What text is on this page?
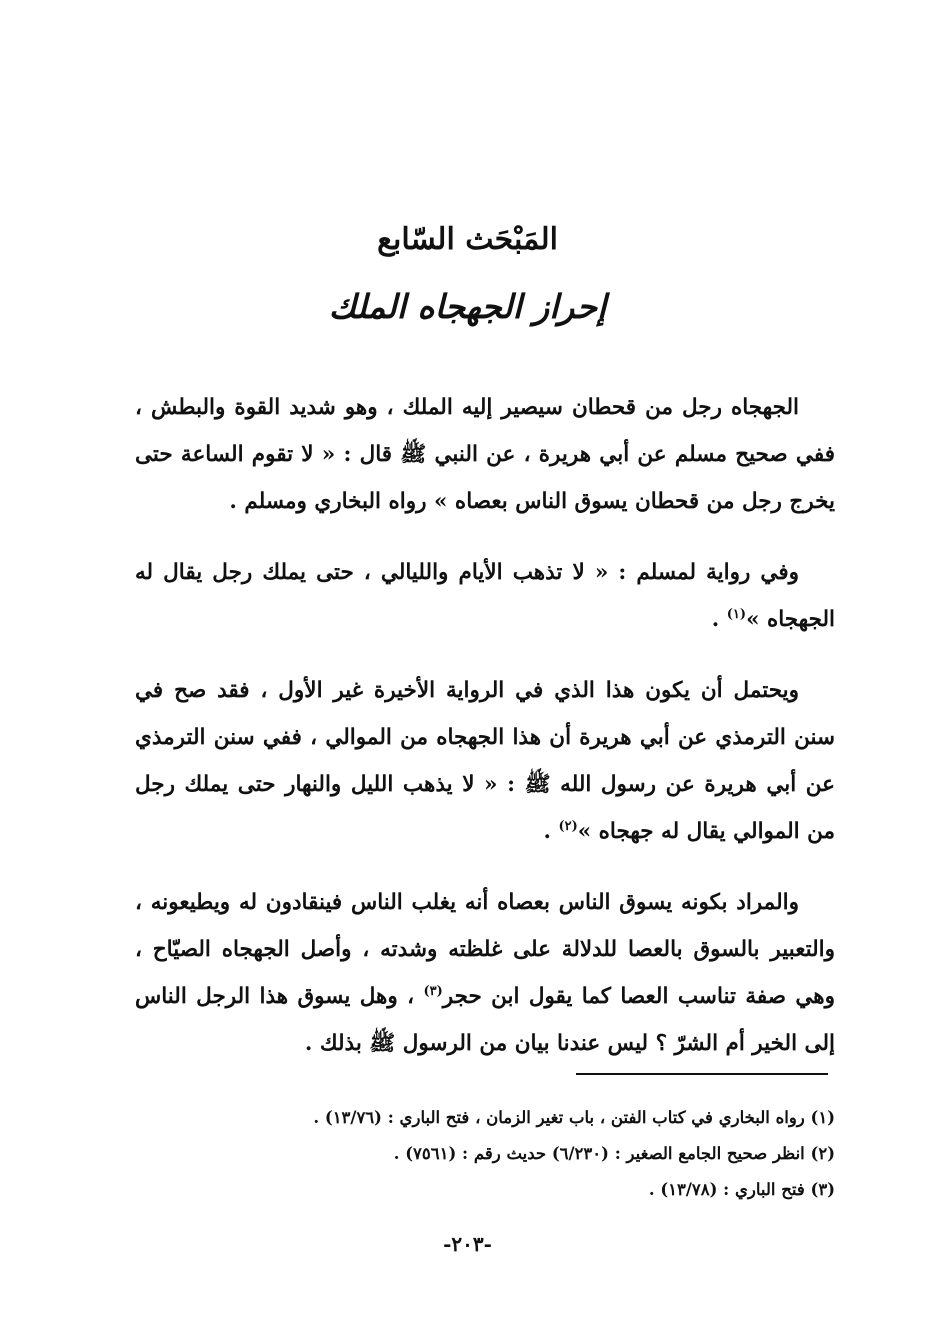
المَبْحَث السّابع
إحراز الجهجاه الملك

الجهجاه رجل من قحطان سيصير إليه الملك ، وهو شديد القوة والبطش ، ففي صحيح مسلم عن أبي هريرة ، عن النبي ﷺ قال : « لا تقوم الساعة حتى يخرج رجل من قحطان يسوق الناس بعصاه » رواه البخاري ومسلم .

وفي رواية لمسلم : « لا تذهب الأيام والليالي ، حتى يملك رجل يقال له الجهجاه »$^{(١)}$ .

ويحتمل أن يكون هذا الذي في الرواية الأخيرة غير الأول ، فقد صح في سنن الترمذي عن أبي هريرة أن هذا الجهجاه من الموالي ، ففي سنن الترمذي عن أبي هريرة عن رسول الله ﷺ : « لا يذهب الليل والنهار حتى يملك رجل من الموالي يقال له جهجاه »$^{(٢)}$ .

والمراد بكونه يسوق الناس بعصاه أنه يغلب الناس فينقادون له ويطيعونه ، والتعبير بالسوق بالعصا للدلالة على غلظته وشدته ، وأصل الجهجاه الصيّاح ، وهي صفة تناسب العصا كما يقول ابن حجر$^{(٣)}$ ، وهل يسوق هذا الرجل الناس إلى الخير أم الشرّ ؟ ليس عندنا بيان من الرسول ﷺ بذلك .

(١) رواه البخاري في كتاب الفتن ، باب تغير الزمان ، فتح الباري : (١٣/٧٦) .

(٢) انظر صحيح الجامع الصغير : (٦/٢٣٠) حديث رقم : (٧٥٦١) .

(٣) فتح الباري : (١٣/٧٨) .

-٢٠٣-
